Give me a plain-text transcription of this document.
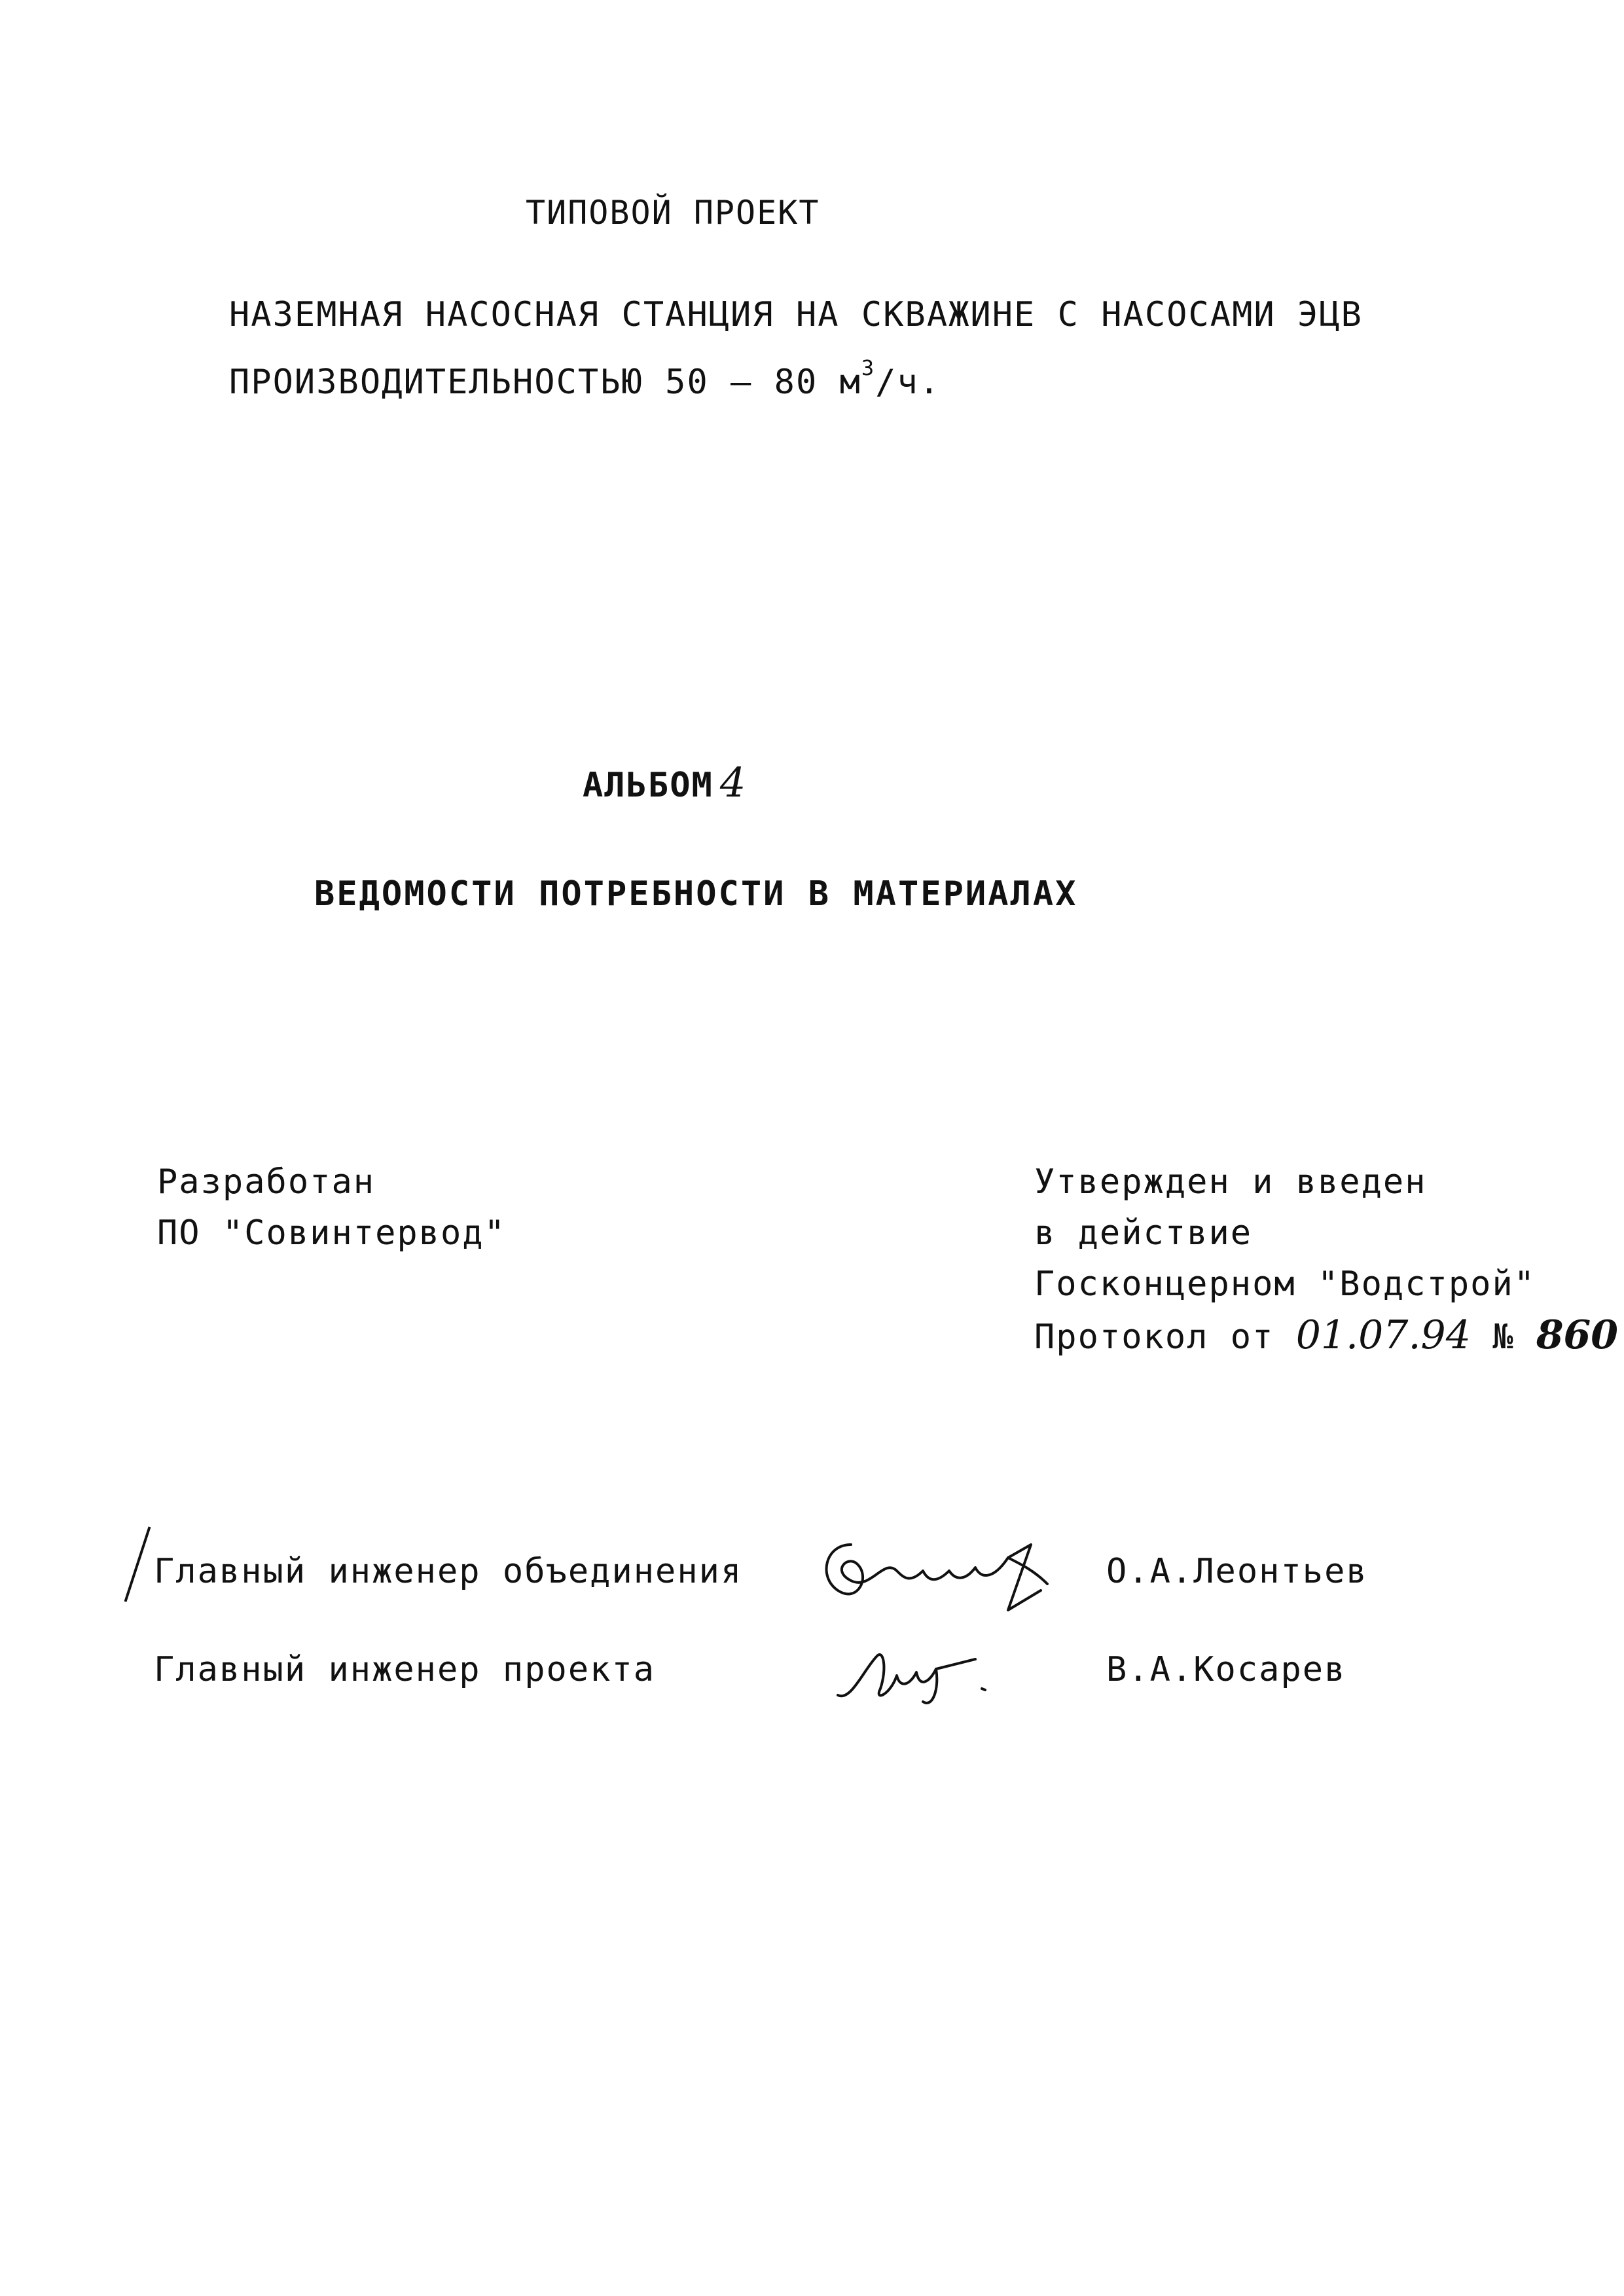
ТИПОВОЙ ПРОЕКТ
НАЗЕМНАЯ НАСОСНАЯ СТАНЦИЯ НА СКВАЖИНЕ С НАСОСАМИ ЭЦВ
ПРОИЗВОДИТЕЛЬНОСТЬЮ 50 – 80 $м^3/ч$.
АЛЬБОМ 4
ВЕДОМОСТИ ПОТРЕБНОСТИ В МАТЕРИАЛАХ
Разработан
ПО "Совинтервод"
Утвержден и введен
в действие
Госконцерном "Водстрой"
Протокол от 01.07.94 № 860
Главный инженер объединения	О.А.Леонтьев
Главный инженер проекта	В.А.Косарев
